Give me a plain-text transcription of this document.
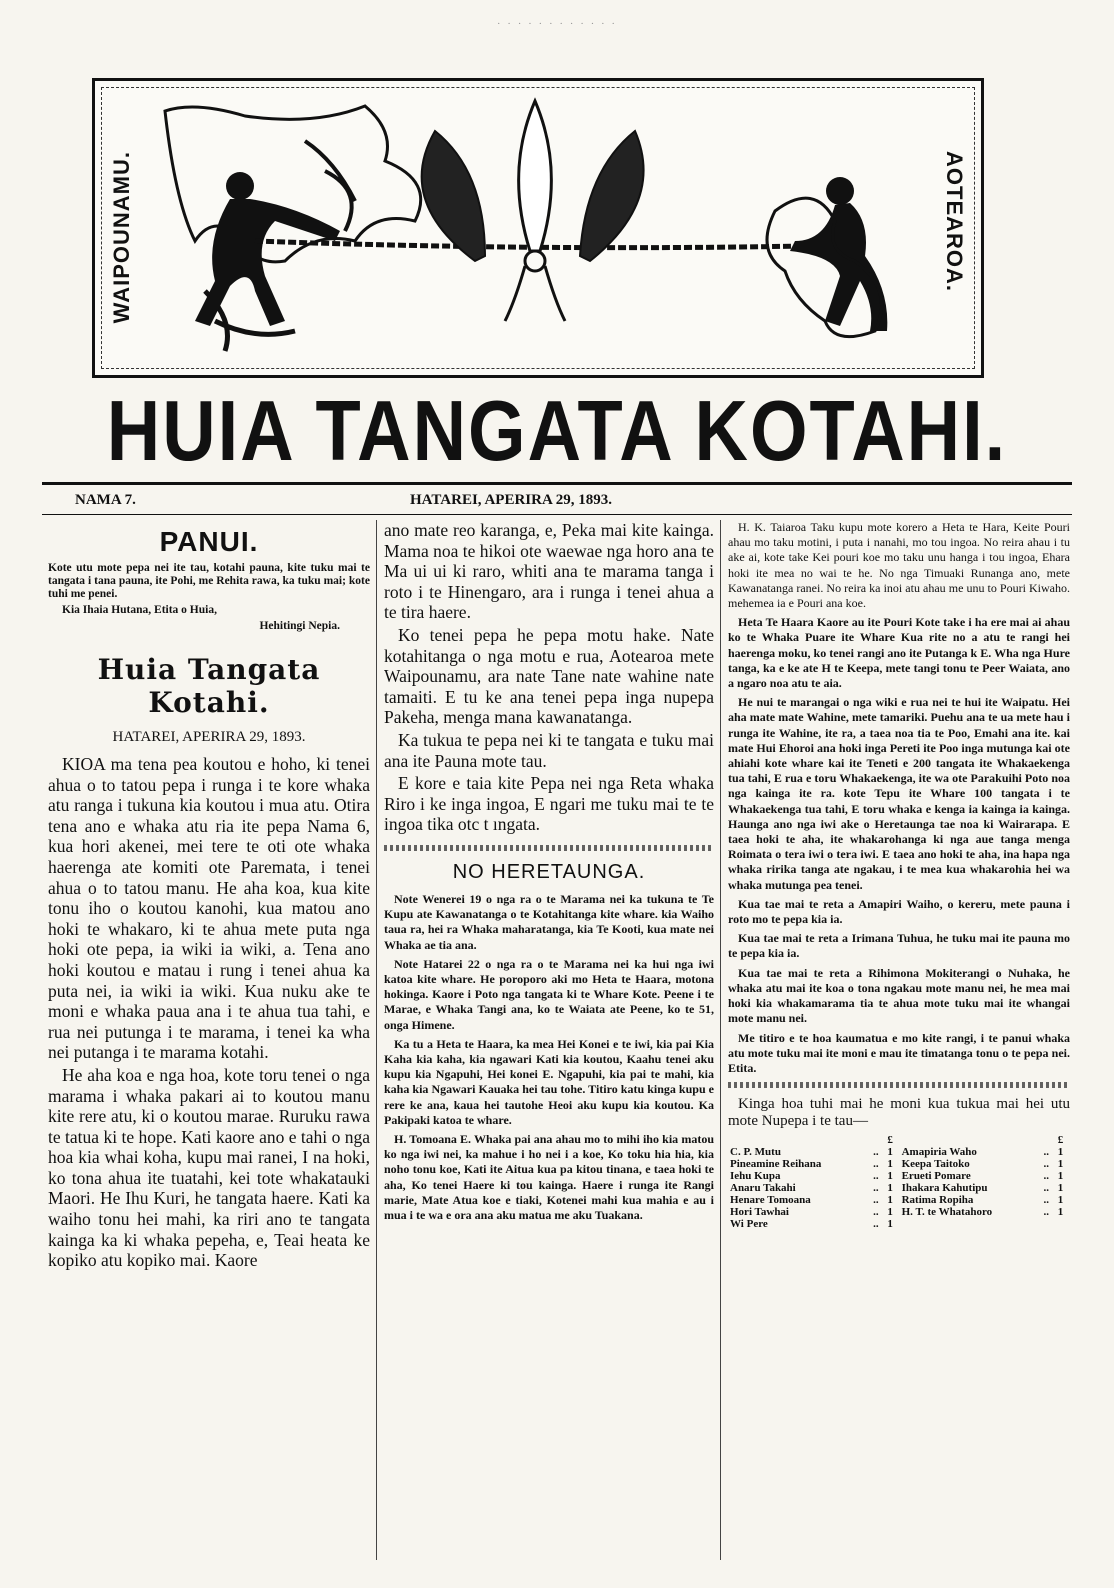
· · · · · · · · · · · ·
WAIPOUNAMU.	AOTEAROA.
HUIA TANGATA KOTAHI.
NAMA 7.	HATAREI, APERIRA 29, 1893.
PANUI.

Kote utu mote pepa nei ite tau, kotahi pauna, kite tuku mai te tangata i tana pauna, ite Pohi, me Rehita rawa, ka tuku mai; kote tuhi me penei.

Kia Ihaia Hutana, Etita o Huia,

Hehitingi Nepia.

Huia Tangata Kotahi.
HATAREI, APERIRA 29, 1893.

KIOA ma tena pea koutou e hoho, ki tenei ahua o to tatou pepa i runga i te kore whaka atu ranga i tukuna kia koutou i mua atu. Otira tena ano e whaka atu ria ite pepa Nama 6, kua hori akenei, mei tere te oti ote whaka haerenga ate komiti ote Paremata, i tenei ahua o to tatou manu. He aha koa, kua kite tonu iho o koutou kanohi, kua matou ano hoki te whakaro, ki te ahua mete puta nga hoki ote pepa, ia wiki ia wiki, a. Tena ano hoki koutou e matau i rung i tenei ahua ka puta nei, ia wiki ia wiki. Kua nuku ake te moni e whaka paua ana i te ahua tua tahi, e rua nei putunga i te marama, i tenei ka wha nei putanga i te marama kotahi.

He aha koa e nga hoa, kote toru tenei o nga marama i whaka pakari ai to koutou manu kite rere atu, ki o koutou marae. Ruruku rawa te tatua ki te hope. Kati kaore ano e tahi o nga hoa kia whai koha, kupu mai ranei, I na hoki, ko tona ahua ite tuatahi, kei tote whakatauki Maori. He Ihu Kuri, he tangata haere. Kati ka waiho tonu hei mahi, ka riri ano te tangata kainga ka ki whaka pepeha, e, Teai heata ke kopiko atu kopiko mai. Kaore

ano mate reo karanga, e, Peka mai kite kainga. Mama noa te hikoi ote waewae nga horo ana te Ma ui ui ki raro, whiti ana te marama tanga i roto i te Hinengaro, ara i runga i tenei ahua a te tira haere.

Ko tenei pepa he pepa motu hake. Nate kotahitanga o nga motu e rua, Aotearoa mete Waipounamu, ara nate Tane nate wahine nate tamaiti. E tu ke ana tenei pepa inga nupepa Pakeha, menga mana kawanatanga.

Ka tukua te pepa nei ki te tangata e tuku mai ana ite Pauna mote tau.

E kore e taia kite Pepa nei nga Reta whaka Riro i ke inga ingoa, E ngari me tuku mai te te ingoa tika otc t ıngata.

NO HERETAUNGA.

Note Wenerei 19 o nga ra o te Marama nei ka tukuna te Te Kupu ate Kawanatanga o te Kotahitanga kite whare. kia Waiho taua ra, hei ra Whaka maharatanga, kia Te Kooti, kua mate nei Whaka ae tia ana.

Note Hatarei 22 o nga ra o te Marama nei ka hui nga iwi katoa kite whare. He poroporo aki mo Heta te Haara, motona hokinga. Kaore i Poto nga tangata ki te Whare Kote. Peene i te Marae, e Whaka Tangi ana, ko te Waiata ate Peene, ko te 51, onga Himene.

Ka tu a Heta te Haara, ka mea Hei Konei e te iwi, kia pai Kia Kaha kia kaha, kia ngawari Kati kia koutou, Kaahu tenei aku kupu kia Ngapuhi, Hei konei E. Ngapuhi, kia pai te mahi, kia kaha kia Ngawari Kauaka hei tau tohe. Titiro katu kinga kupu e rere ke ana, kaua hei tautohe Heoi aku kupu kia koutou. Ka Pakipaki katoa te whare.

H. Tomoana E. Whaka pai ana ahau mo to mihi iho kia matou ko nga iwi nei, ka mahue i ho nei i a koe, Ko toku hia hia, kia noho tonu koe, Kati ite Aitua kua pa kitou tinana, e taea hoki te aha, Ko tenei Haere ki tou kainga. Haere i runga ite Rangi marie, Mate Atua koe e tiaki, Kotenei mahi kua mahia e au i mua i te wa e ora ana aku matua me aku Tuakana.

H. K. Taiaroa Taku kupu mote korero a Heta te Hara, Keite Pouri ahau mo taku motini, i puta i nanahi, mo tou ingoa. No reira ahau i tu ake ai, kote take Kei pouri koe mo taku unu hanga i tou ingoa, Ehara hoki ite mea no wai te he. No nga Timuaki Runanga ano, mete Kawanatanga ranei. No reira ka inoi atu ahau me unu to Pouri Kiwaho. mehemea ia e Pouri ana koe.

Heta Te Haara Kaore au ite Pouri Kote take i ha ere mai ai ahau ko te Whaka Puare ite Whare Kua rite no a atu te rangi hei haerenga moku, ko tenei rangi ano ite Putanga k E. Wha nga Hure tanga, ka e ke ate H te Keepa, mete tangi tonu te Peer Waiata, ano a ngaro noa atu te aia.

He nui te marangai o nga wiki e rua nei te hui ite Waipatu. Hei aha mate mate Wahine, mete tamariki. Puehu ana te ua mete hau i runga ite Wahine, ite ra, a taea noa tia te Poo, Emahi ana ite. kai mate Hui Ehoroi ana hoki inga Pereti ite Poo inga mutunga kai ote ahiahi kote whare kai ite Teneti e 200 tangata ite Whakaekenga tua tahi, E rua e toru Whakaekenga, ite wa ote Parakuihi Poto noa nga kainga ite ra. kote Tepu ite Whare 100 tangata i te Whakaekenga tua tahi, E toru whaka e kenga ia kainga ia kainga. Haunga ano nga iwi ake o Heretaunga tae noa ki Wairarapa. E taea hoki te aha, ite whakarohanga ki nga aue tanga menga Roimata o tera iwi o tera iwi. E taea ano hoki te aha, ina hapa nga whaka ririka tanga ate ngakau, i te mea kua whakarohia hei wa whaka mutunga pea tenei.

Kua tae mai te reta a Amapiri Waiho, o kereru, mete pauna i roto mo te pepa kia ia.

Kua tae mai te reta a Irimana Tuhua, he tuku mai ite pauna mo te pepa kia ia.

Kua tae mai te reta a Rihimona Mokiterangi o Nuhaka, he whaka atu mai ite koa o tona ngakau mote manu nei, he mea mai hoki kia whakamarama tia te ahua mote tuku mai ite whangai mote manu nei.

Me titiro e te hoa kaumatua e mo kite rangi, i te panui whaka atu mote tuku mai ite moni e mau ite timatanga tonu o te pepa nei. Etita.

Kinga hoa tuhi mai he moni kua tukua mai hei utu mote Nupepa i te tau—
		£			£
C. P. Mutu	..	1	Amapiria Waho	..	1
Pineamine Reihana	..	1	Keepa Taitoko	..	1
Iehu Kupa	..	1	Erueti Pomare	..	1
Anaru Takahi	..	1	Ihakara Kahutipu	..	1
Henare Tomoana	..	1	Ratima Ropiha	..	1
Hori Tawhai	..	1	H. T. te Whatahoro	..	1
Wi Pere	..	1			
